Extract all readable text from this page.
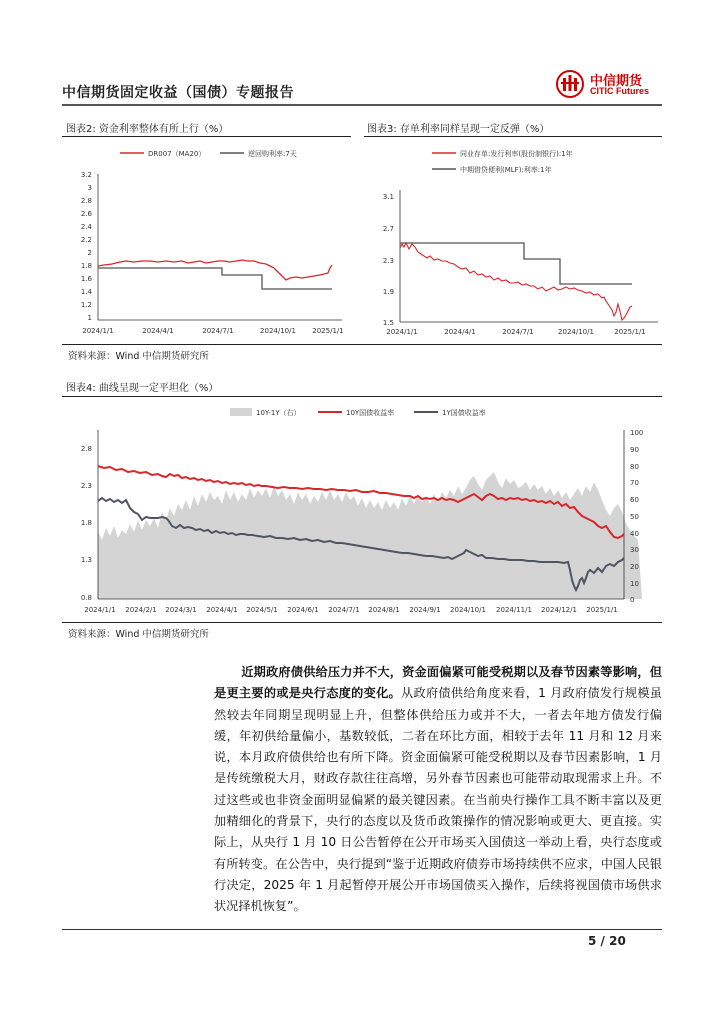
中信期货固定收益（国债）专题报告
中信期货
CITIC Futures
图表2: 资金利率整体有所上行（%）
DR007（MA20）	逆回购利率:7天
3.2
3
2.8
2.6
2.4
2.2
2
1.8
1.6
1.4
1.2
1
2024/1/1	2024/4/1	2024/7/1	2024/10/1 2025/1/1
图表3: 存单利率同样呈现一定反弹（%）
同业存单:发行利率(股份制银行):1年
中期借贷便利(MLF):利率:1年
3.1
2.7
2.3
1.9
1.5
2024/1/1	2024/4/1	2024/7/1	2024/10/1	2025/1/1
资料来源：Wind 中信期货研究所
图表4: 曲线呈现一定平坦化（%）
10Y-1Y（右）	10Y国债收益率	1Y国债收益率
2.8
2.3
1.8
1.3
0.8
100
90
80
70
60
50
40
30
20
10
0
2024/1/1 2024/2/1 2024/3/1 2024/4/1 2024/5/1 2024/6/1 2024/7/1 2024/8/1 2024/9/1 2024/10/1 2024/11/1 2024/12/1 2025/1/1
资料来源：Wind 中信期货研究所
近期政府债供给压力并不大，资金面偏紧可能受税期以及春节因素等影响，但是更主要的或是央行态度的变化。从政府债供给角度来看，1 月政府债发行规模虽然较去年同期呈现明显上升，但整体供给压力或并不大，一者去年地方债发行偏缓，年初供给量偏小，基数较低，二者在环比方面，相较于去年 11 月和 12 月来说，本月政府债供给也有所下降。资金面偏紧可能受税期以及春节因素影响，1 月是传统缴税大月，财政存款往往高增，另外春节因素也可能带动取现需求上升。不过这些或也非资金面明显偏紧的最关键因素。在当前央行操作工具不断丰富以及更加精细化的背景下，央行的态度以及货币政策操作的情况影响或更大、更直接。实际上，从央行 1 月 10 日公告暂停在公开市场买入国债这一举动上看，央行态度或有所转变。在公告中，央行提到“鉴于近期政府债券市场持续供不应求，中国人民银行决定，2025 年 1 月起暂停开展公开市场国债买入操作，后续将视国债市场供求状况择机恢复”。
5 / 20
